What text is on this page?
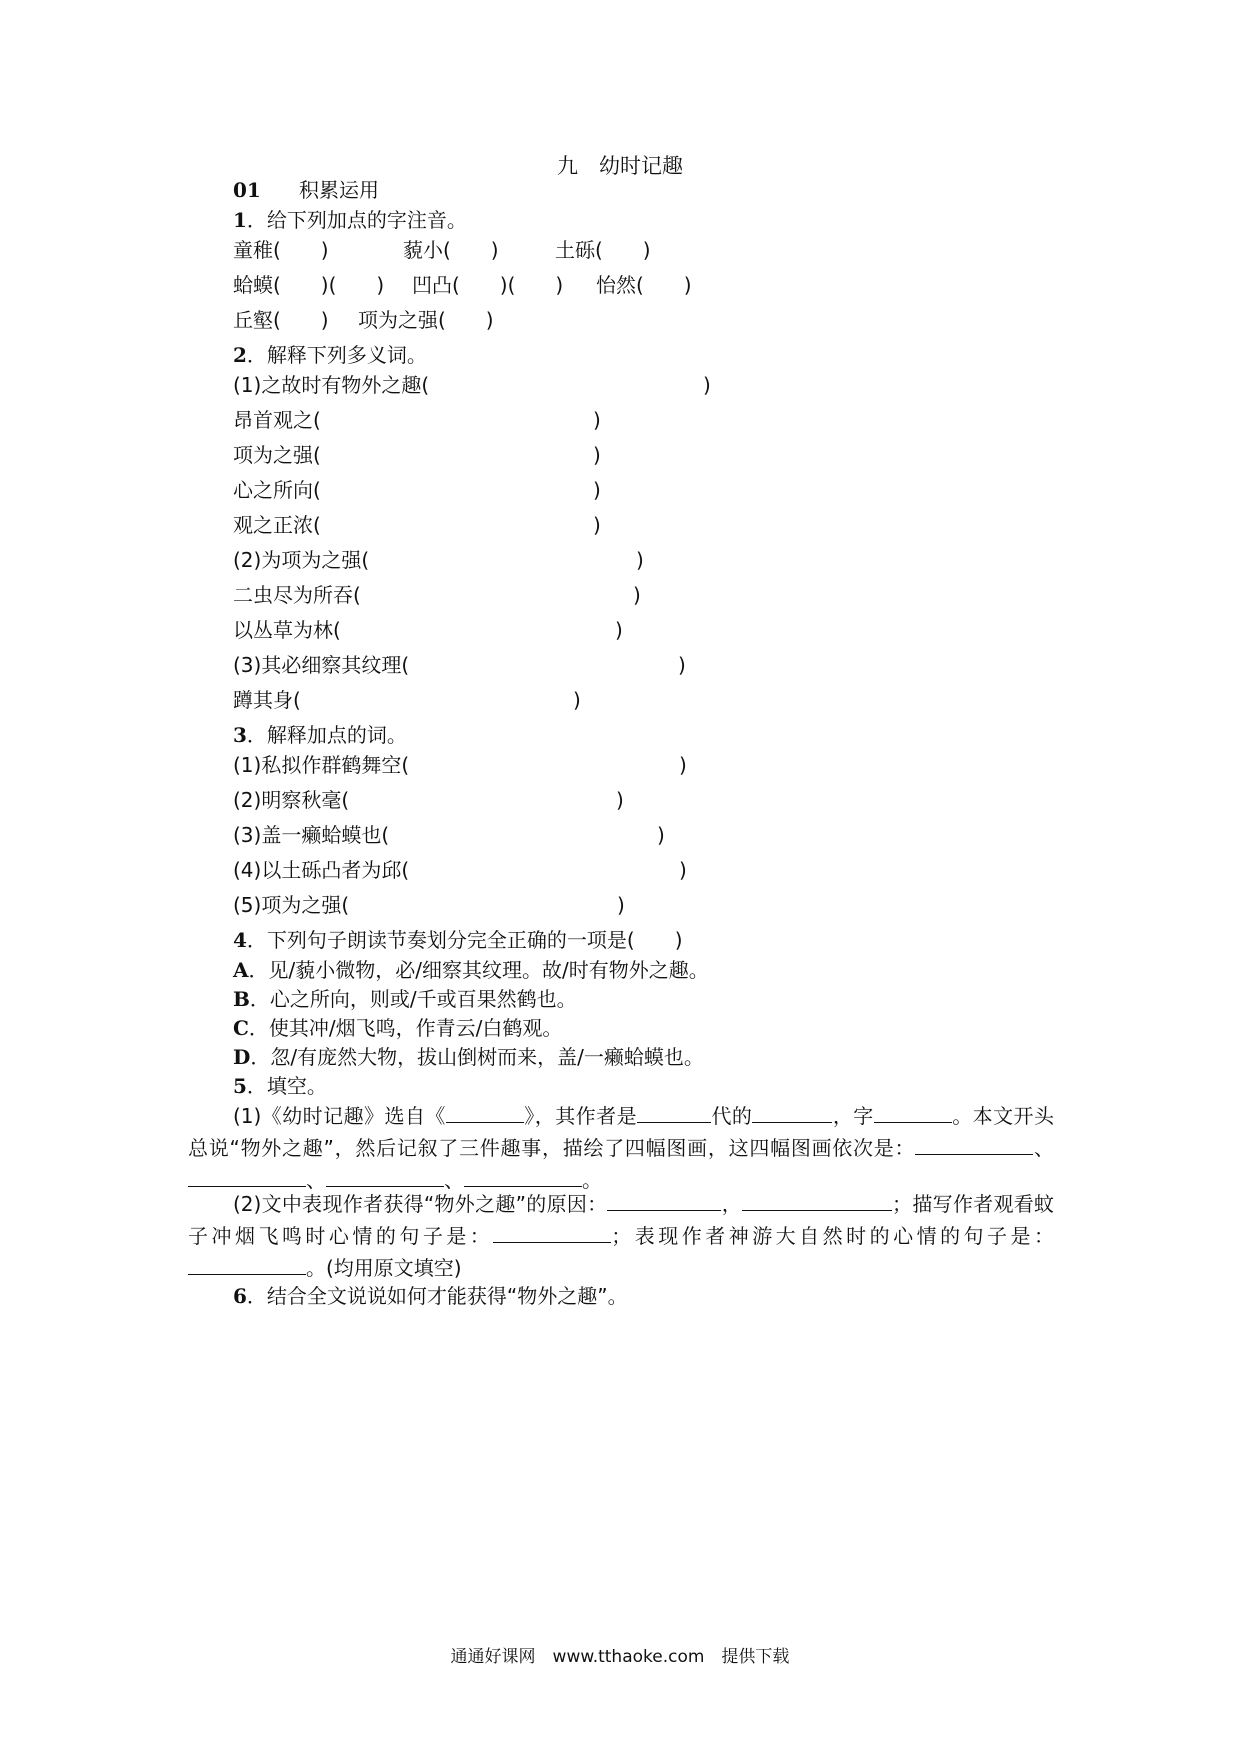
九　幼时记趣
01 积累运用
1．给下列加点的字注音。
童稚(　　)	藐小(　　)	土砾(　　)
蛤蟆(　　)(　　) 凹凸(　　)(　　) 怡然(　　)
丘壑(　　) 项为之强(　　)
2．解释下列多义词。
(1)之故时有物外之趣(	)
昂首观之(	)
项为之强(	)
心之所向(	)
观之正浓(	)
(2)为项为之强(	)
二虫尽为所吞(	)
以丛草为林(	)
(3)其必细察其纹理(	)
蹲其身(	)
3．解释加点的词。
(1)私拟作群鹤舞空(	)
(2)明察秋毫(	)
(3)盖一癞蛤蟆也(	)
(4)以土砾凸者为邱(	)
(5)项为之强(	)
4．下列句子朗读节奏划分完全正确的一项是(　　)
A．见/藐小微物，必/细察其纹理。故/时有物外之趣。
B．心之所向，则或/千或百果然鹤也。
C．使其冲/烟飞鸣，作青云/白鹤观。
D．忽/有庞然大物，拔山倒树而来，盖/一癞蛤蟆也。
5．填空。
(1)《幼时记趣》选自《	》，其作者是	代的	，字	。本文开头总说“物外之趣”，然后记叙了三件趣事，描绘了四幅图画，这四幅图画依次是：	、、	、	。
(2)文中表现作者获得“物外之趣”的原因：	，	；描写作者观看蚊子冲烟飞鸣时心情的句子是：	；表现作者神游大自然时的心情的句子是：。(均用原文填空)
6．结合全文说说如何才能获得“物外之趣”。
通通好课网　www.tthaoke.com　提供下载
